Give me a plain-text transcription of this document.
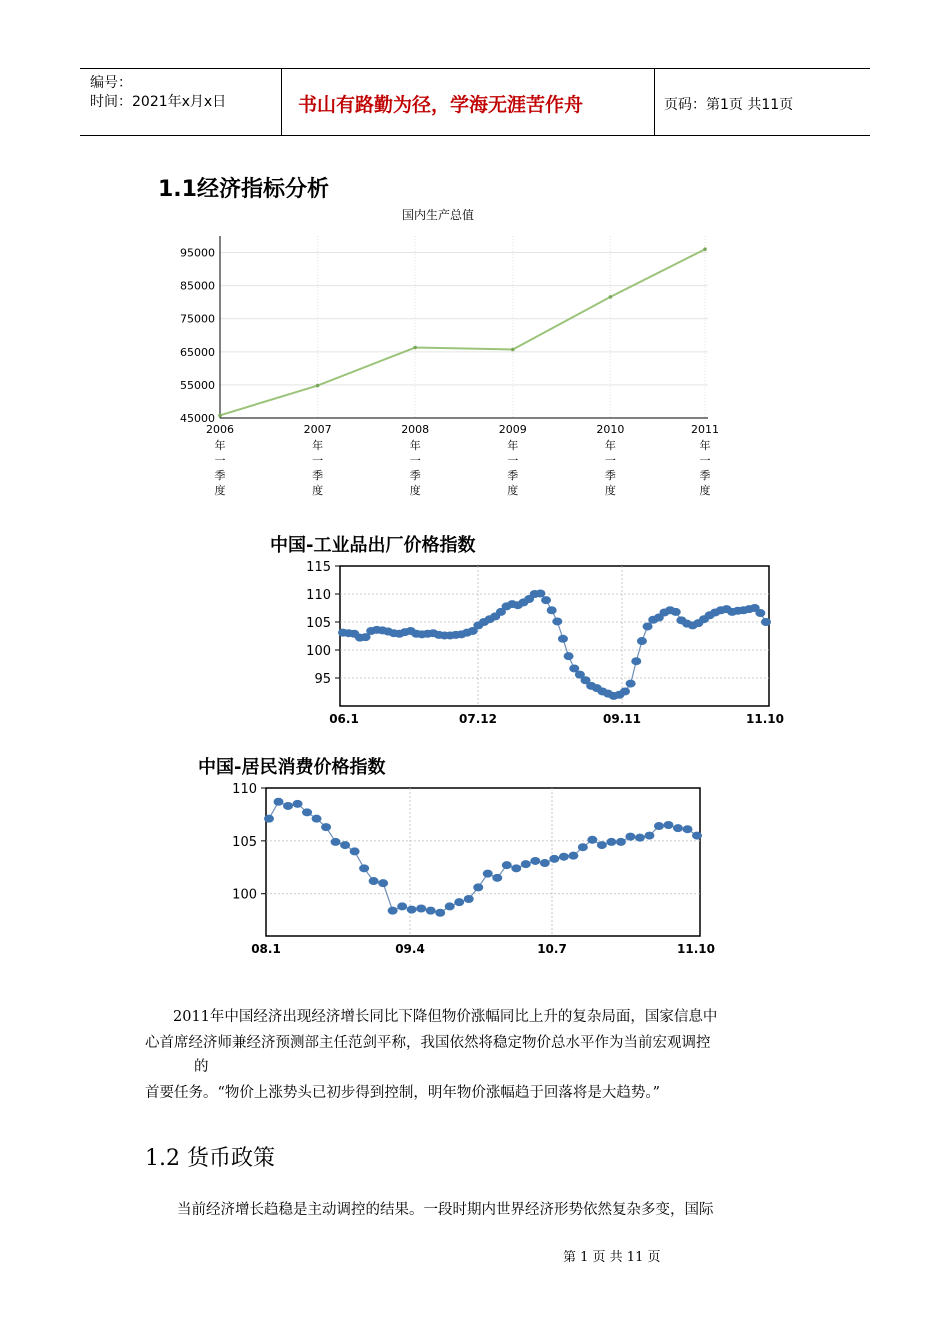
编号：
时间：2021年x月x日	书山有路勤为径，学海无涯苦作舟	页码：第1页 共11页
1.1经济指标分析
国内生产总值
45000
55000
65000
75000
85000
95000
2006
年
一
季
度
2007
年
一
季
度
2008
年
一
季
度
2009
年
一
季
度
2010
年
一
季
度
2011
年
一
季
度
中国-工业品出厂价格指数
95
100
105
110
115
06.1	07.12	09.11	11.10
中国-居民消费价格指数
100
105
110
08.1	09.4	10.7	11.10
2011年中国经济出现经济增长同比下降但物价涨幅同比上升的复杂局面，国家信息中
心首席经济师兼经济预测部主任范剑平称，我国依然将稳定物价总水平作为当前宏观调控
的
首要任务。“物价上涨势头已初步得到控制，明年物价涨幅趋于回落将是大趋势。”
1.2 货币政策
当前经济增长趋稳是主动调控的结果。一段时期内世界经济形势依然复杂多变，国际
第 1 页 共 11 页
